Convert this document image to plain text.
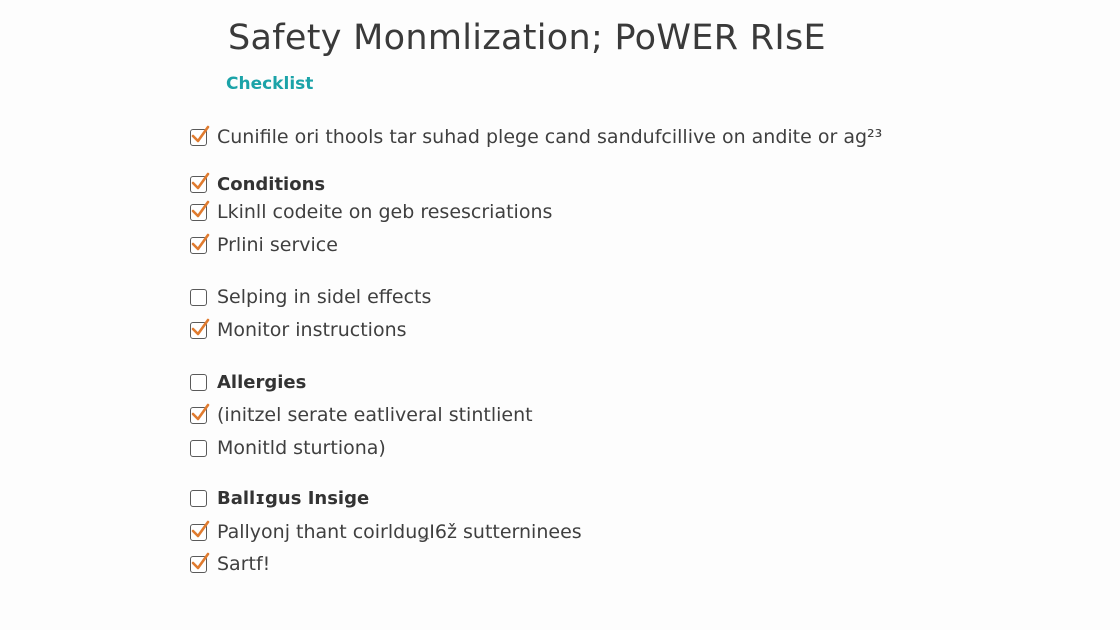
Safety Monmlization; PoWER RIsE
Checklist
Cunifile ori thools tar suhad plege cand sandufcillive on andite or ag²³
Conditions
Lkinll codeite on geb resescriations
Prlini service
Selping in sidel effects
Monitor instructions
Allergies
(initzel serate eatliveral stintlient
Monitld sturtiona)
Ballɪgus Insige
Pallyonj thant coirlduǥI6ž sutterninees
Sartf!
